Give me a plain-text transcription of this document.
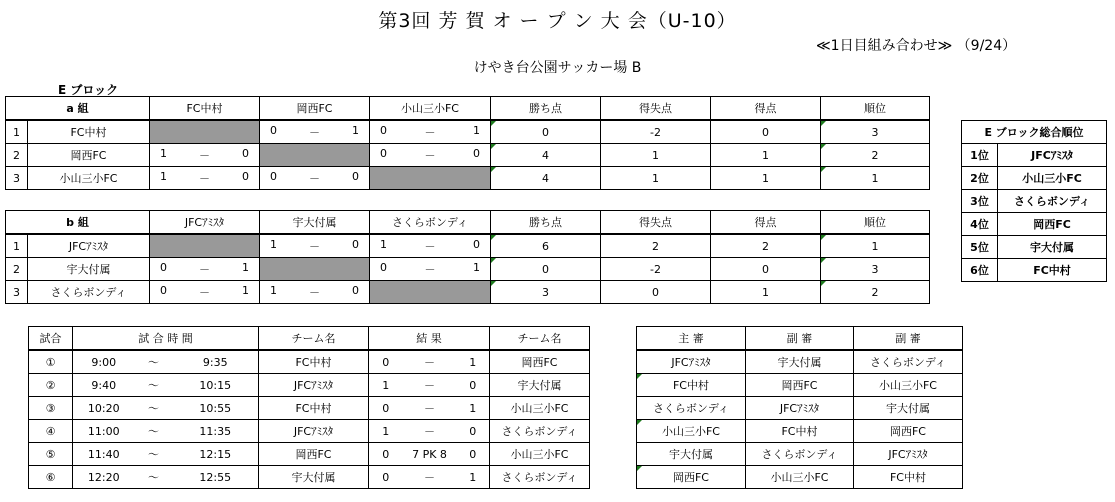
第3回 芳 賀 オ ー プ ン 大 会（U-10）
≪1日目組み合わせ≫ （9/24）
けやき台公園サッカー場 B
E ブロック
a 組		FC中村	岡西FC	小山三小FC	勝ち点	得失点	得点	順位
1	FC中村		0 － 1	0 － 1	0	-2	0	3
2	岡西FC	1 － 0		0 － 0	4	1	1	2
3	小山三小FC	1 － 0	0 － 0		4	1	1	1
b 組		JFCｱﾐｽﾀ	宇大付属	さくらボンディ	勝ち点	得失点	得点	順位
1	JFCｱﾐｽﾀ		1 － 0	1 － 0	6	2	2	1
2	宇大付属	0 － 1		0 － 1	0	-2	0	3
3	さくらボンディ	0 － 1	1 － 0		3	0	1	2
E ブロック総合順位	
1位	JFCｱﾐｽﾀ
2位	小山三小FC
3位	さくらボンディ
4位	岡西FC
5位	宇大付属
6位	FC中村
試合	試 合 時 間			チーム名	結 果			チーム名
①	9:00	～	9:35	FC中村	0	－	1	岡西FC
②	9:40	～	10:15	JFCｱﾐｽﾀ	1	－	0	宇大付属
③	10:20	～	10:55	FC中村	0	－	1	小山三小FC
④	11:00	～	11:35	JFCｱﾐｽﾀ	1	－	0	さくらボンディ
⑤	11:40	～	12:15	岡西FC	0	7 PK 8	0	小山三小FC
⑥	12:20	～	12:55	宇大付属	0	－	1	さくらボンディ
主 審	副 審	副 審
JFCｱﾐｽﾀ	宇大付属	さくらボンディ
FC中村	岡西FC	小山三小FC
さくらボンディ	JFCｱﾐｽﾀ	宇大付属
小山三小FC	FC中村	岡西FC
宇大付属	さくらボンディ	JFCｱﾐｽﾀ
岡西FC	小山三小FC	FC中村
